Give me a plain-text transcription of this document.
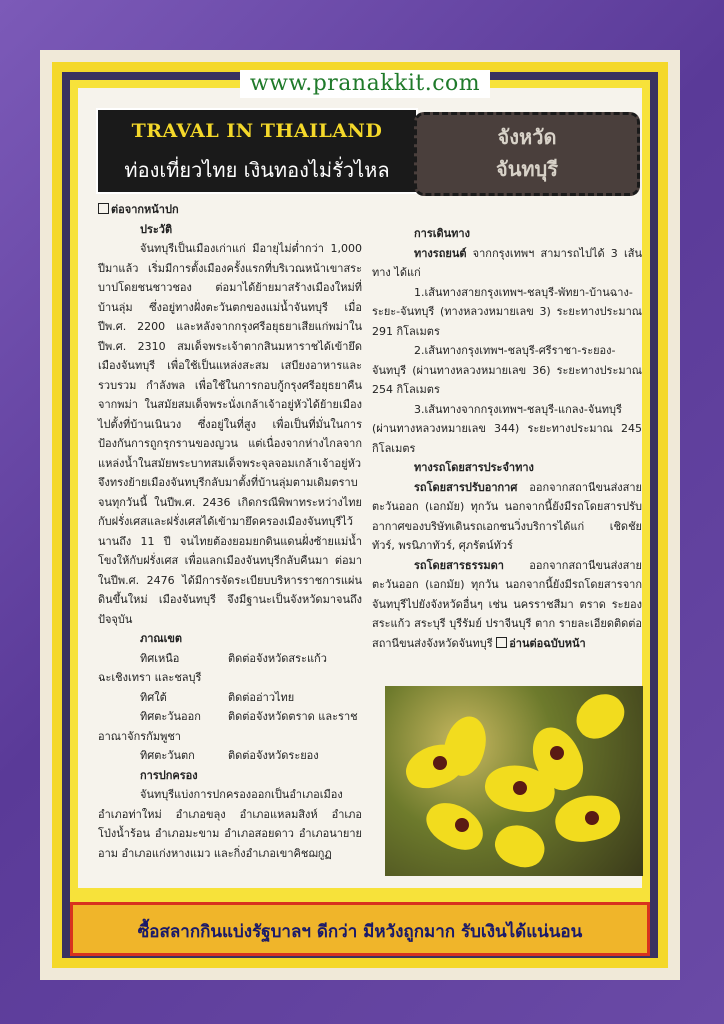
www.pranakkit.com
TRAVAL IN THAILAND
ท่องเที่ยวไทย เงินทองไม่รั่วไหล
จังหวัด
จันทบุรี
ต่อจากหน้าปก
ประวัติ

จันทบุรีเป็นเมืองเก่าแก่ มีอายุไม่ต่ำกว่า 1,000 ปีมาแล้ว เริ่มมีการตั้งเมืองครั้งแรกที่บริเวณหน้าเขาสระบาปโดยชนชาวชอง ต่อมาได้ย้ายมาสร้างเมืองใหม่ที่บ้านลุ่ม ซึ่งอยู่ทางฝั่งตะวันตกของแม่น้ำจันทบุรี เมื่อปีพ.ศ. 2200 และหลังจากกรุงศรีอยุธยาเสียแก่พม่าใน ปีพ.ศ. 2310 สมเด็จพระเจ้าตากสินมหาราชได้เข้ายึดเมืองจันทบุรี เพื่อใช้เป็นแหล่งสะสม เสบียงอาหารและรวบรวม กำลังพล เพื่อใช้ในการกอบกู้กรุงศรีอยุธยาคืนจากพม่า ในสมัยสมเด็จพระนั่งเกล้าเจ้าอยู่หัวได้ย้ายเมืองไปตั้งที่บ้านเนินวง ซึ่งอยู่ในที่สูง เพื่อเป็นที่มั่นในการป้องกันการถูกรุกรานของญวน แต่เนื่องจากห่างไกลจากแหล่งน้ำในสมัยพระบาทสมเด็จพระจุลจอมเกล้าเจ้าอยู่หัวจึงทรงย้ายเมืองจันทบุรีกลับมาตั้งที่บ้านลุ่มตามเดิมตราบจนทุกวันนี้ ในปีพ.ศ. 2436 เกิดกรณีพิพาทระหว่างไทยกับฝรั่งเศสและฝรั่งเศสได้เข้ามายึดครองเมืองจันทบุรีไว้นานถึง 11 ปี จนไทยต้องยอมยกดินแดนฝั่งซ้ายแม่น้ำโขงให้กับฝรั่งเศส เพื่อแลกเมืองจันทบุรีกลับคืนมา ต่อมาในปีพ.ศ. 2476 ได้มีการจัดระเบียบบริหารราชการแผ่นดินขึ้นใหม่ เมืองจันทบุรี จึงมีฐานะเป็นจังหวัดมาจนถึงปัจจุบัน

ภาณเขต
ทิศเหนือ	ติดต่อจังหวัดสระแก้ว
ฉะเชิงเทรา และชลบุรี
ทิศใต้	ติดต่ออ่าวไทย
ทิศตะวันออก	ติดต่อจังหวัดตราด และราช
อาณาจักรกัมพูชา
ทิศตะวันตก	ติดต่อจังหวัดระยอง
การปกครอง

จันทบุรีแบ่งการปกครองออกเป็นอำเภอเมือง อำเภอท่าใหม่ อำเภอขลุง อำเภอแหลมสิงห์ อำเภอโป่งน้ำร้อน อำเภอมะขาม อำเภอสอยดาว อำเภอนายายอาม อำเภอแก่งหางแมว และกิ่งอำเภอเขาคิชฌกูฏ

การเดินทาง

ทางรถยนต์ จากกรุงเทพฯ สามารถไปได้ 3 เส้นทาง ได้แก่

1.เส้นทางสายกรุงเทพฯ-ชลบุรี-พัทยา-บ้านฉาง-ระยะ-จันทบุรี (ทางหลวงหมายเลข 3) ระยะทางประมาณ 291 กิโลเมตร

2.เส้นทางกรุงเทพฯ-ชลบุรี-ศรีราชา-ระยอง-จันทบุรี (ผ่านทางหลวงหมายเลข 36) ระยะทางประมาณ 254 กิโลเมตร

3.เส้นทางจากกรุงเทพฯ-ชลบุรี-แกลง-จันทบุรี (ผ่านทางหลวงหมายเลข 344) ระยะทางประมาณ 245 กิโลเมตร

ทางรถโดยสารประจำทาง

รถโดยสารปรับอากาศ ออกจากสถานีขนส่งสายตะวันออก (เอกมัย) ทุกวัน นอกจากนี้ยังมีรถโดยสารปรับอากาศของบริษัทเดินรถเอกชนวิ่งบริการได้แก่ เชิดชัยทัวร์, พรนิภาทัวร์, ศุภรัตน์ทัวร์

รถโดยสารธรรมดา ออกจากสถานีขนส่งสายตะวันออก (เอกมัย) ทุกวัน นอกจากนี้ยังมีรถโดยสารจากจันทบุรีไปยังจังหวัดอื่นๆ เช่น นครราชสีมา ตราด ระยอง สระแก้ว สระบุรี บุรีรัมย์ ปราจีนบุรี ตาก รายละเอียดติดต่อสถานีขนส่งจังหวัดจันทบุรี อ่านต่อฉบับหน้า

ซื้อสลากกินแบ่งรัฐบาลฯ ดีกว่า มีหวังถูกมาก รับเงินได้แน่นอน
